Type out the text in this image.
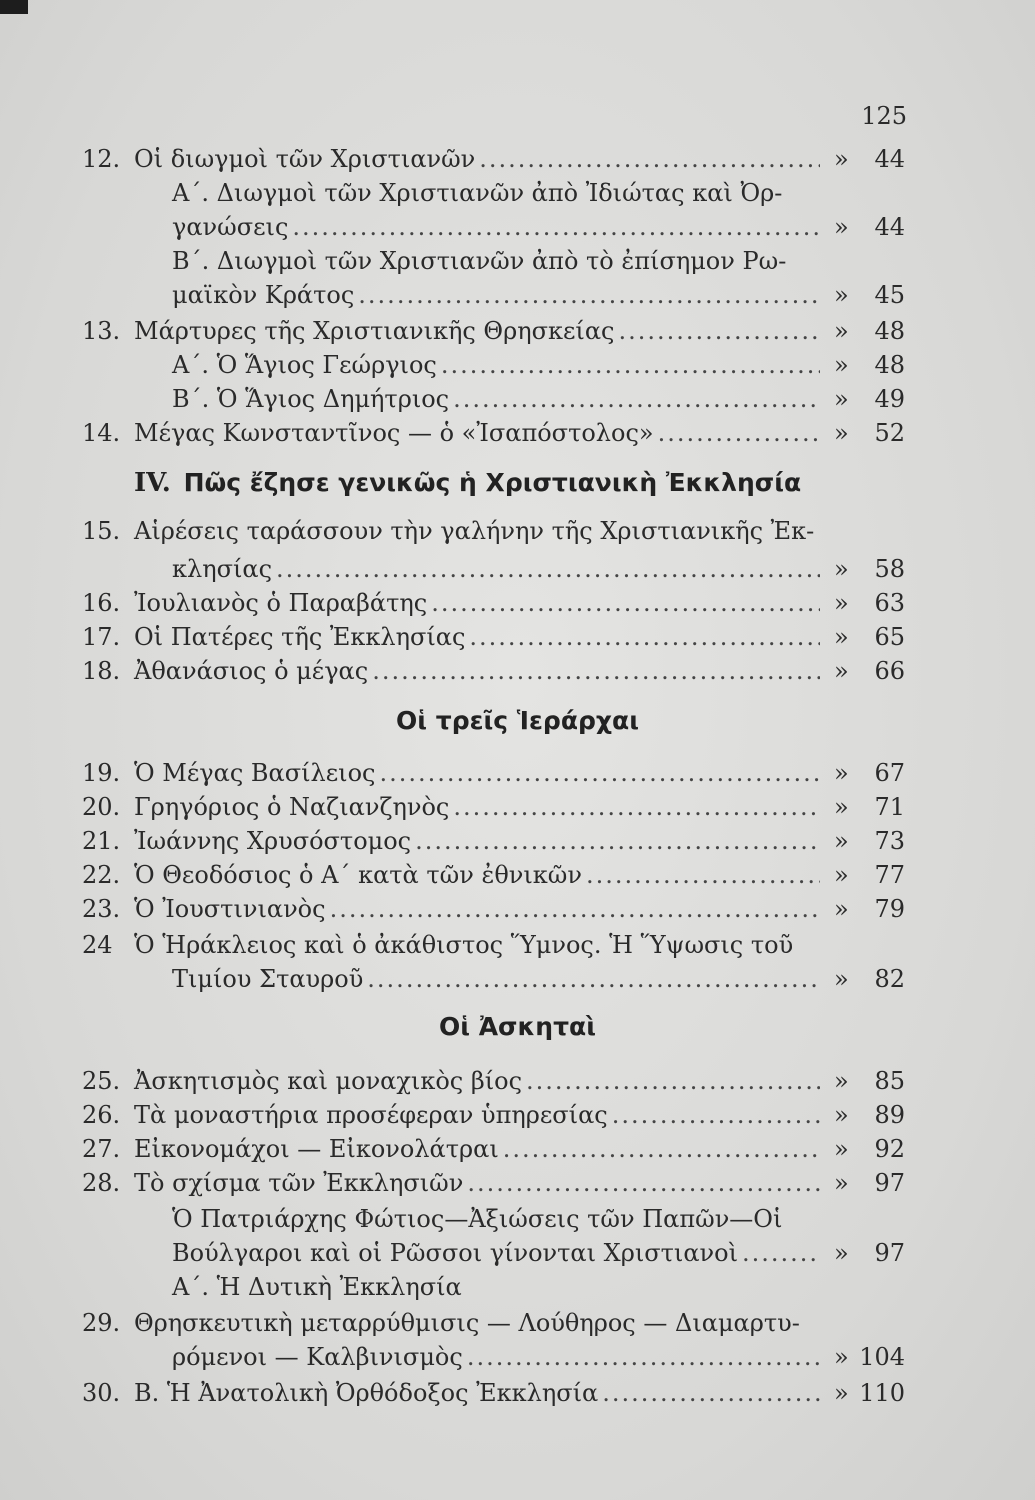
125
IV. Πῶς ἔζησε γενικῶς ἡ Χριστιανικὴ Ἐκκλησία
Οἱ τρεῖς Ἱεράρχαι
Οἱ Ἀσκηταὶ
12. Οἱ διωγμοὶ τῶν Χριστιανῶν .....	»	44
Α΄. Διωγμοὶ τῶν Χριστιανῶν ἀπὸ Ἰδιώτας καὶ Ὀρ-
γανώσεις .....	»	44
Β΄. Διωγμοὶ τῶν Χριστιανῶν ἀπὸ τὸ ἐπίσημον Ρω-
μαϊκὸν Κράτος .....	»	45
13. Μάρτυρες τῆς Χριστιανικῆς Θρησκείας .....	»	48
Α΄. Ὁ Ἅγιος Γεώργιος .....	»	48
Β΄. Ὁ Ἅγιος Δημήτριος .....	»	49
14. Μέγας Κωνσταντῖνος — ὁ «Ἰσαπόστολος» .....	»	52
15. Αἱρέσεις ταράσσουν τὴν γαλήνην τῆς Χριστιανικῆς Ἐκ-
κλησίας .....	»	58
16. Ἰουλιανὸς ὁ Παραβάτης .....	»	63
17. Οἱ Πατέρες τῆς Ἐκκλησίας .....	»	65
18. Ἀθανάσιος ὁ μέγας .....	»	66
19. Ὁ Μέγας Βασίλειος .....	»	67
20. Γρηγόριος ὁ Ναζιανζηνὸς .....	»	71
21. Ἰωάννης Χρυσόστομος .....	»	73
22. Ὁ Θεοδόσιος ὁ Α΄ κατὰ τῶν ἐθνικῶν .....	»	77
23. Ὁ Ἰουστινιανὸς .....	»	79
24 Ὁ Ἡράκλειος καὶ ὁ ἀκάθιστος Ὕμνος. Ἡ Ὕψωσις τοῦ
Τιμίου Σταυροῦ .....	»	82
25. Ἀσκητισμὸς καὶ μοναχικὸς βίος .....	»	85
26. Τὰ μοναστήρια προσέφεραν ὑπηρεσίας .....	»	89
27. Εἰκονομάχοι — Εἰκονολάτραι .....	»	92
28. Τὸ σχίσμα τῶν Ἐκκλησιῶν .....	»	97
Ὁ Πατριάρχης Φώτιος—Ἀξιώσεις τῶν Παπῶν—Οἱ
Βούλγαροι καὶ οἱ Ρῶσσοι γίνονται Χριστιανοὶ .....	»	97
Α΄. Ἡ Δυτικὴ Ἐκκλησία
29. Θρησκευτικὴ μεταρρύθμισις — Λούθηρος — Διαμαρτυ-
ρόμενοι — Καλβινισμὸς .....	» 104
30. Β. Ἡ Ἀνατολικὴ Ὀρθόδοξος Ἐκκλησία .....	» 110
